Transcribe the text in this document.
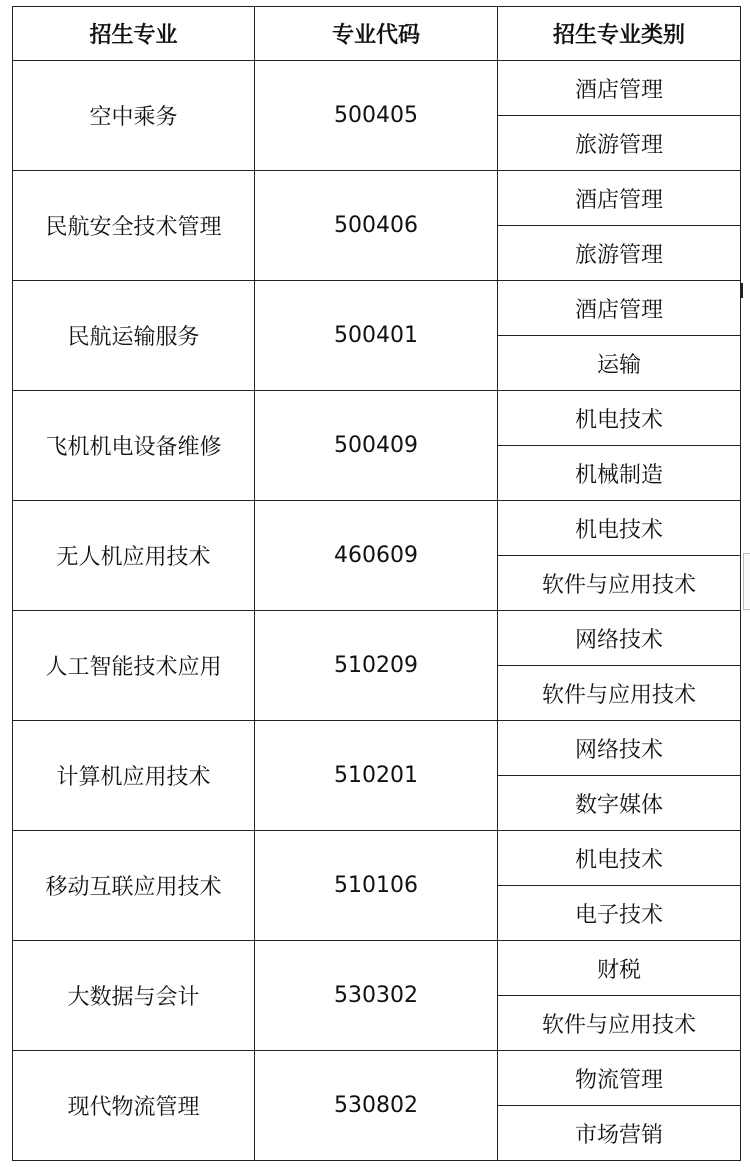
招生专业	专业代码	招生专业类别
空中乘务	500405	酒店管理
		旅游管理
民航安全技术管理	500406	酒店管理
		旅游管理
民航运输服务	500401	酒店管理
		运输
飞机机电设备维修	500409	机电技术
		机械制造
无人机应用技术	460609	机电技术
		软件与应用技术
人工智能技术应用	510209	网络技术
		软件与应用技术
计算机应用技术	510201	网络技术
		数字媒体
移动互联应用技术	510106	机电技术
		电子技术
大数据与会计	530302	财税
		软件与应用技术
现代物流管理	530802	物流管理
		市场营销
